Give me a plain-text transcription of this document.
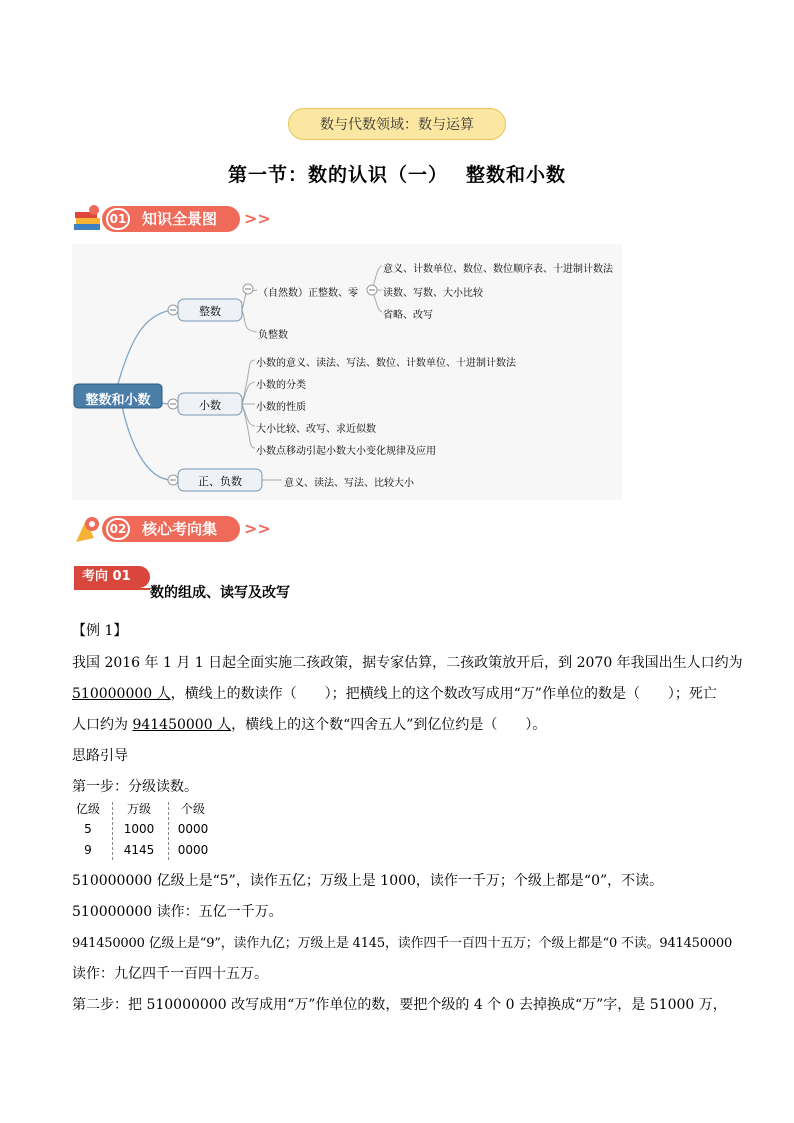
数与代数领域：数与运算
第一节：数的认识（一）　 整数和小数
知识全景图
01	>>
整数和小数
整数
小数
正、负数
（自然数）正整数、零
负整数
意义、计数单位、数位、数位顺序表、十进制计数法
读数、写数、大小比较
省略、改写
小数的意义、读法、写法、数位、计数单位、十进制计数法
小数的分类
小数的性质
大小比较、改写、求近似数
小数点移动引起小数大小变化规律及应用
意义、读法、写法、比较大小
核心考向集
02	>>
考向 01
数的组成、读写及改写
【例 1】
我国 2016 年 1 月 1 日起全面实施二孩政策，据专家估算，二孩政策放开后，到 2070 年我国出生人口约为
510000000 人，横线上的数读作（　　）；把横线上的这个数改写成用“万”作单位的数是（　　）；死亡
人口约为 941450000 人，横线上的这个数“四舍五人”到亿位约是（　　）。
思路引导
第一步：分级读数。
亿级	万级	个级
5	1000	0000
9	4145	0000
510000000 亿级上是“5”，读作五亿；万级上是 1000，读作一千万；个级上都是“0”，不读。
510000000 读作：五亿一千万。
941450000 亿级上是“9”，读作九亿；万级上是 4145，读作四千一百四十五万；个级上都是“0 不读。941450000
读作：九亿四千一百四十五万。
第二步：把 510000000 改写成用“万”作单位的数，要把个级的 4 个 0 去掉换成“万”字，是 51000 万，
